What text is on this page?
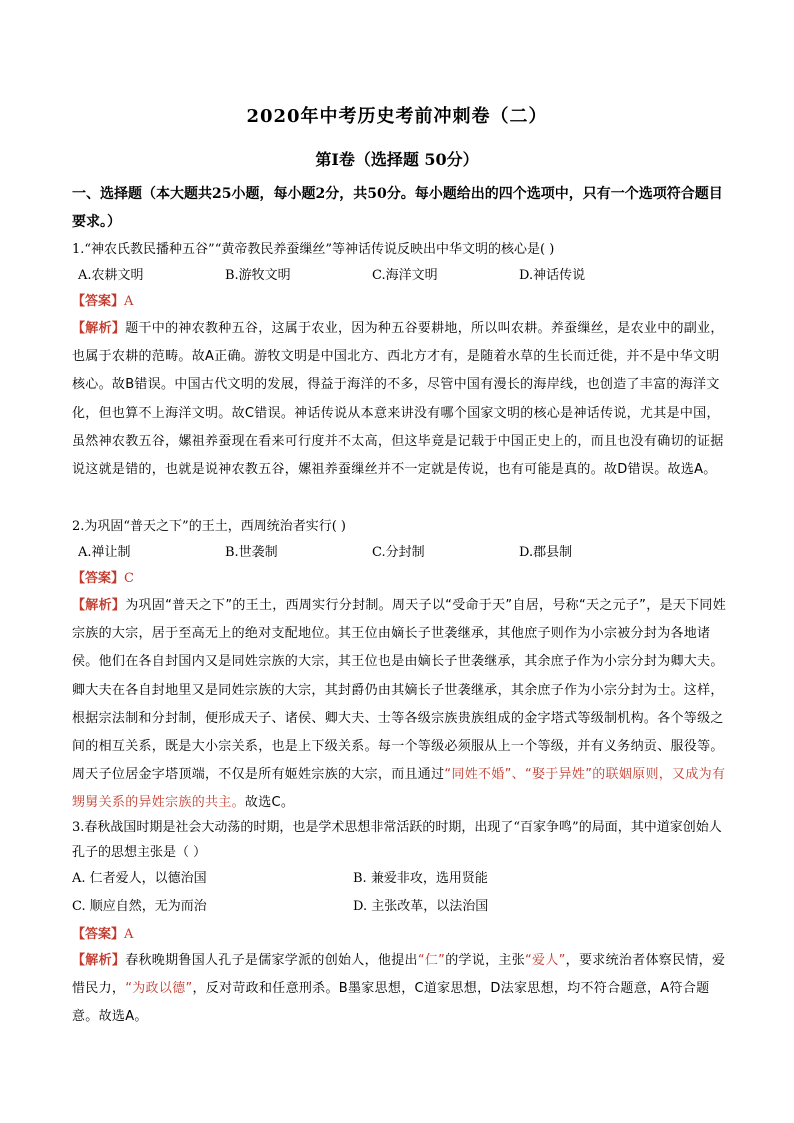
2020年中考历史考前冲刺卷（二）
第Ⅰ卷（选择题 50分）
一、选择题（本大题共25小题，每小题2分，共50分。每小题给出的四个选项中，只有一个选项符合题目要求。）
1.“神农氏教民播种五谷”“黄帝教民养蚕缫丝”等神话传说反映出中华文明的核心是( )
A.农耕文明	B.游牧文明	C.海洋文明	D.神话传说
【答案】A
【解析】题干中的神农教种五谷，这属于农业，因为种五谷要耕地，所以叫农耕。养蚕缫丝，是农业中的副业，也属于农耕的范畴。故A正确。游牧文明是中国北方、西北方才有，是随着水草的生长而迁徙，并不是中华文明核心。故B错误。中国古代文明的发展，得益于海洋的不多，尽管中国有漫长的海岸线，也创造了丰富的海洋文化，但也算不上海洋文明。故C错误。神话传说从本意来讲没有哪个国家文明的核心是神话传说，尤其是中国，虽然神农教五谷，嫘祖养蚕现在看来可行度并不太高，但这毕竟是记载于中国正史上的，而且也没有确切的证据说这就是错的，也就是说神农教五谷，嫘祖养蚕缫丝并不一定就是传说，也有可能是真的。故D错误。故选A。
2.为巩固“普天之下”的王土，西周统治者实行( )
A.禅让制	B.世袭制	C.分封制	D.郡县制
【答案】C
【解析】为巩固“普天之下”的王土，西周实行分封制。周天子以“受命于天”自居，号称“天之元子”，是天下同姓宗族的大宗，居于至高无上的绝对支配地位。其王位由嫡长子世袭继承，其他庶子则作为小宗被分封为各地诸侯。他们在各自封国内又是同姓宗族的大宗，其王位也是由嫡长子世袭继承，其余庶子作为小宗分封为卿大夫。卿大夫在各自封地里又是同姓宗族的大宗，其封爵仍由其嫡长子世袭继承，其余庶子作为小宗分封为士。这样，根据宗法制和分封制，便形成天子、诸侯、卿大夫、士等各级宗族贵族组成的金字塔式等级制机构。各个等级之间的相互关系，既是大小宗关系，也是上下级关系。每一个等级必须服从上一个等级，并有义务纳贡、服役等。周天子位居金字塔顶端，不仅是所有姬姓宗族的大宗，而且通过“同姓不婚”、“娶于异姓”的联姻原则，又成为有甥舅关系的异姓宗族的共主。故选C。
3.春秋战国时期是社会大动荡的时期，也是学术思想非常活跃的时期，出现了“百家争鸣”的局面，其中道家创始人孔子的思想主张是（ ）
A. 仁者爱人，以德治国	B. 兼爱非攻，选用贤能
C. 顺应自然，无为而治	D. 主张改革，以法治国
【答案】A
【解析】春秋晚期鲁国人孔子是儒家学派的创始人，他提出“仁”的学说，主张“爱人”，要求统治者体察民情，爱惜民力，“为政以德”，反对苛政和任意刑杀。B墨家思想，C道家思想，D法家思想，均不符合题意，A符合题意。故选A。
